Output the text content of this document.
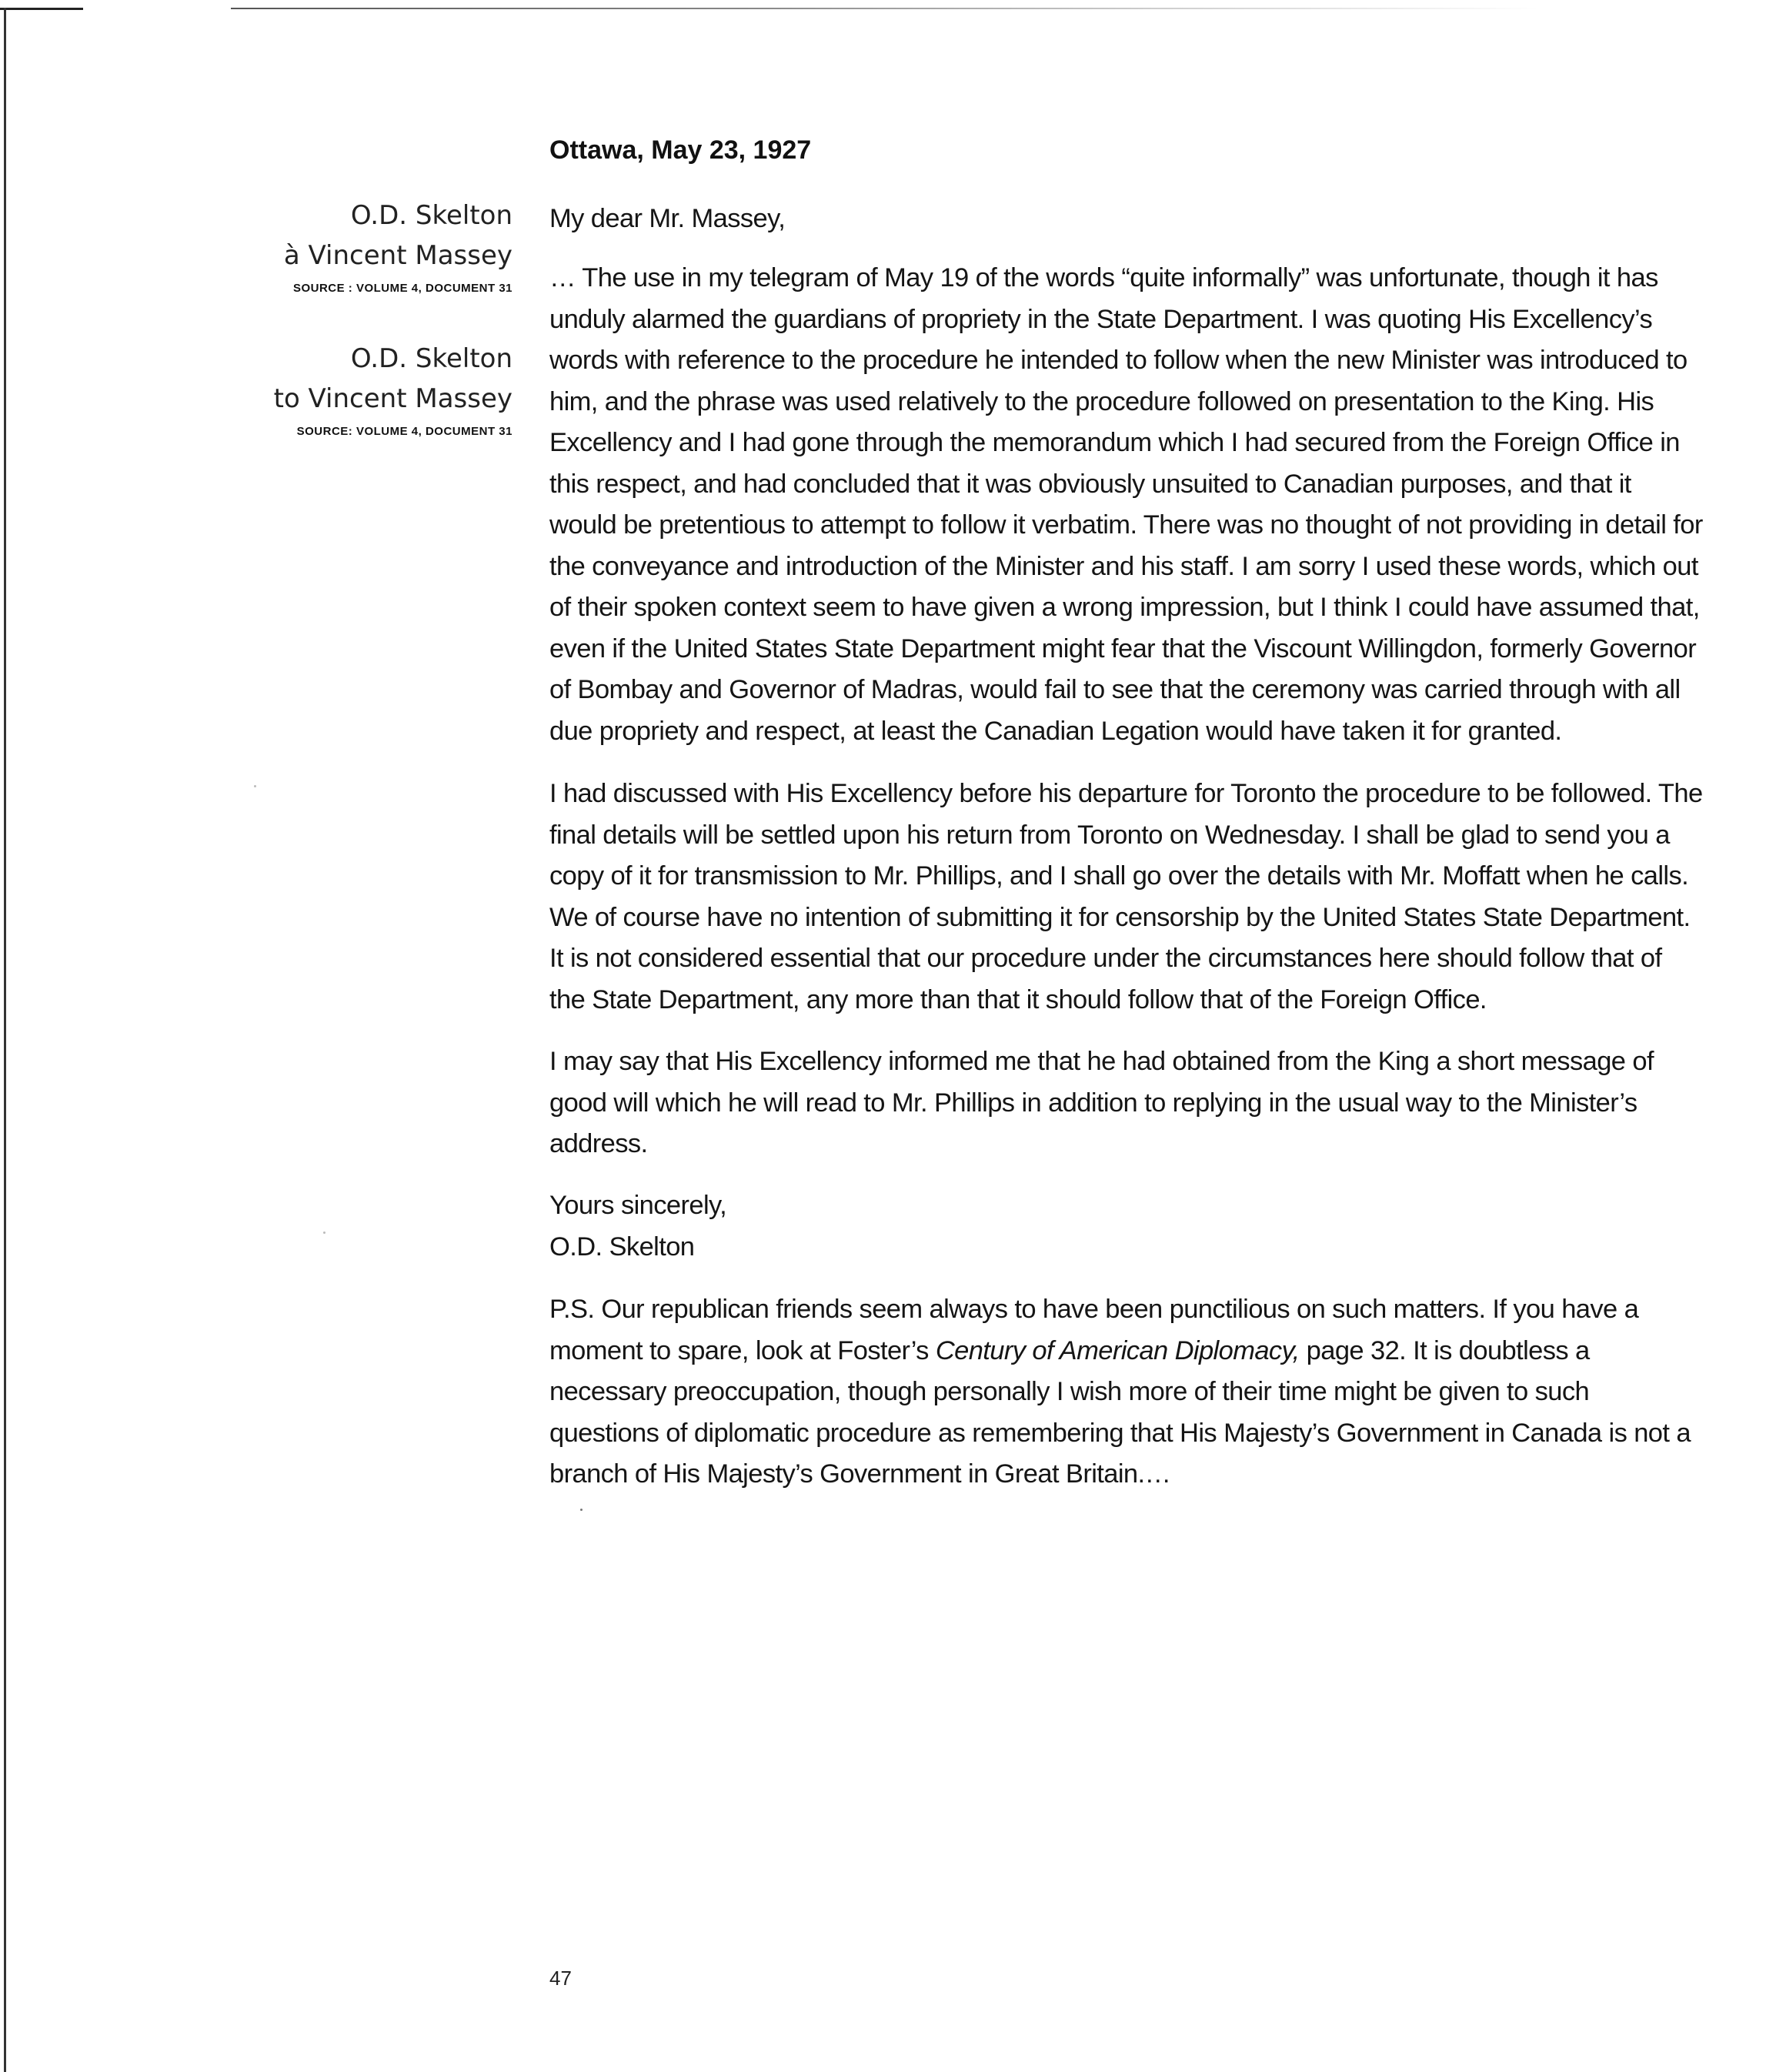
Ottawa, May 23, 1927
O.D. Skelton
à Vincent Massey
SOURCE : VOLUME 4, DOCUMENT 31
O.D. Skelton
to Vincent Massey
SOURCE: VOLUME 4, DOCUMENT 31
My dear Mr. Massey,

… The use in my telegram of May 19 of the words “quite informally” was unfortunate, though it has unduly alarmed the guardians of propriety in the State Department. I was quoting His Excellency’s words with reference to the procedure he intended to follow when the new Minister was introduced to him, and the phrase was used relatively to the procedure followed on presentation to the King. His Excellency and I had gone through the memorandum which I had secured from the Foreign Office in this respect, and had concluded that it was obviously unsuited to Canadian purposes, and that it would be pretentious to attempt to follow it verbatim. There was no thought of not providing in detail for the conveyance and introduction of the Minister and his staff. I am sorry I used these words, which out of their spoken context seem to have given a wrong impression, but I think I could have assumed that, even if the United States State Department might fear that the Viscount Willingdon, formerly Governor of Bombay and Governor of Madras, would fail to see that the ceremony was carried through with all due propriety and respect, at least the Canadian Legation would have taken it for granted.

I had discussed with His Excellency before his departure for Toronto the procedure to be followed. The final details will be settled upon his return from Toronto on Wednesday. I shall be glad to send you a copy of it for transmission to Mr. Phillips, and I shall go over the details with Mr. Moffatt when he calls. We of course have no intention of submitting it for censorship by the United States State Department. It is not considered essential that our procedure under the circumstances here should follow that of the State Department, any more than that it should follow that of the Foreign Office.

I may say that His Excellency informed me that he had obtained from the King a short message of good will which he will read to Mr. Phillips in addition to replying in the usual way to the Minister’s address.

Yours sincerely,
O.D. Skelton

P.S. Our republican friends seem always to have been punctilious on such matters. If you have a moment to spare, look at Foster’s Century of American Diplomacy, page 32. It is doubtless a necessary preoccupation, though personally I wish more of their time might be given to such questions of diplomatic procedure as remembering that His Majesty’s Government in Canada is not a branch of His Majesty’s Government in Great Britain.…

47
